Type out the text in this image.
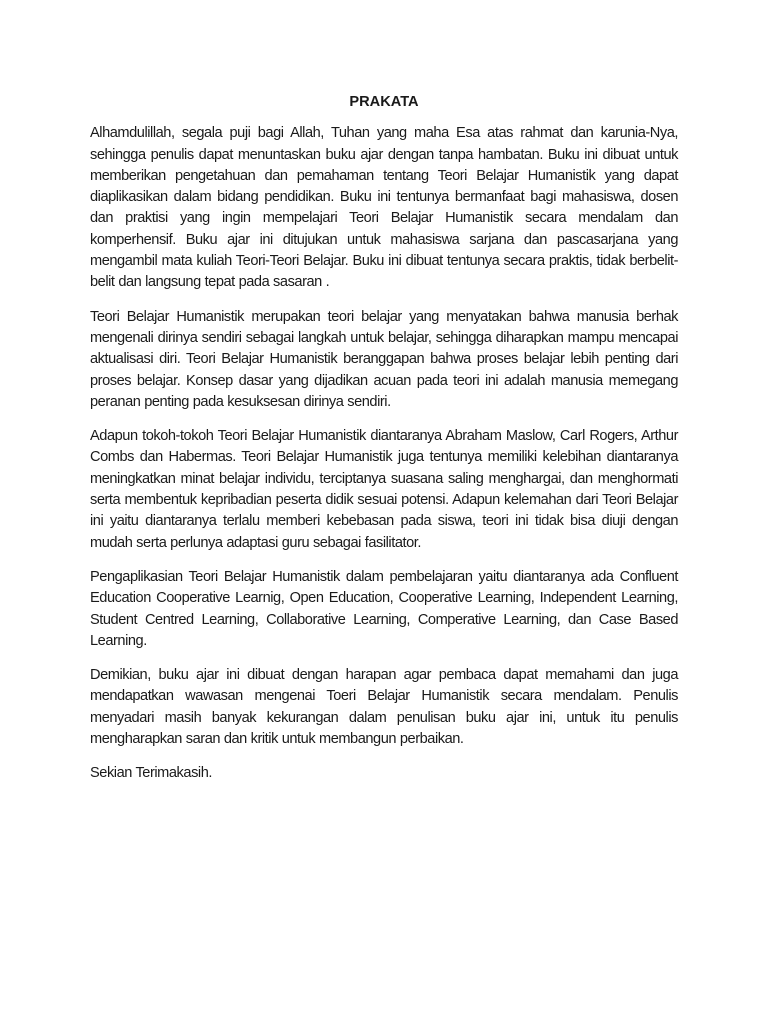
PRAKATA

Alhamdulillah, segala puji bagi Allah, Tuhan yang maha Esa atas rahmat dan karunia-Nya, sehingga penulis dapat menuntaskan buku ajar dengan tanpa hambatan. Buku ini dibuat untuk memberikan pengetahuan dan pemahaman tentang Teori Belajar Humanistik yang dapat diaplikasikan dalam bidang pendidikan. Buku ini tentunya bermanfaat bagi mahasiswa, dosen dan praktisi yang ingin mempelajari Teori Belajar Humanistik secara mendalam dan komperhensif. Buku ajar ini ditujukan untuk mahasiswa sarjana dan pascasarjana yang mengambil mata kuliah Teori-Teori Belajar. Buku ini dibuat tentunya secara praktis, tidak berbelit-belit dan langsung tepat pada sasaran .

Teori Belajar Humanistik merupakan teori belajar yang menyatakan bahwa manusia berhak mengenali dirinya sendiri sebagai langkah untuk belajar, sehingga diharapkan mampu mencapai aktualisasi diri. Teori Belajar Humanistik beranggapan bahwa proses belajar lebih penting dari proses belajar. Konsep dasar yang dijadikan acuan pada teori ini adalah manusia memegang peranan penting pada kesuksesan dirinya sendiri.

Adapun tokoh-tokoh Teori Belajar Humanistik diantaranya Abraham Maslow, Carl Rogers, Arthur Combs dan Habermas. Teori Belajar Humanistik juga tentunya memiliki kelebihan diantaranya meningkatkan minat belajar individu, terciptanya suasana saling menghargai, dan menghormati serta membentuk kepribadian peserta didik sesuai potensi. Adapun kelemahan dari Teori Belajar ini yaitu diantaranya terlalu memberi kebebasan pada siswa, teori ini tidak bisa diuji dengan mudah serta perlunya adaptasi guru sebagai fasilitator.

Pengaplikasian Teori Belajar Humanistik dalam pembelajaran yaitu diantaranya ada Confluent Education Cooperative Learnig, Open Education, Cooperative Learning, Independent Learning, Student Centred Learning, Collaborative Learning, Comperative Learning, dan Case Based Learning.

Demikian, buku ajar ini dibuat dengan harapan agar pembaca dapat memahami dan juga mendapatkan wawasan mengenai Toeri Belajar Humanistik secara mendalam. Penulis menyadari masih banyak kekurangan dalam penulisan buku ajar ini, untuk itu penulis mengharapkan saran dan kritik untuk membangun perbaikan.

Sekian Terimakasih.
